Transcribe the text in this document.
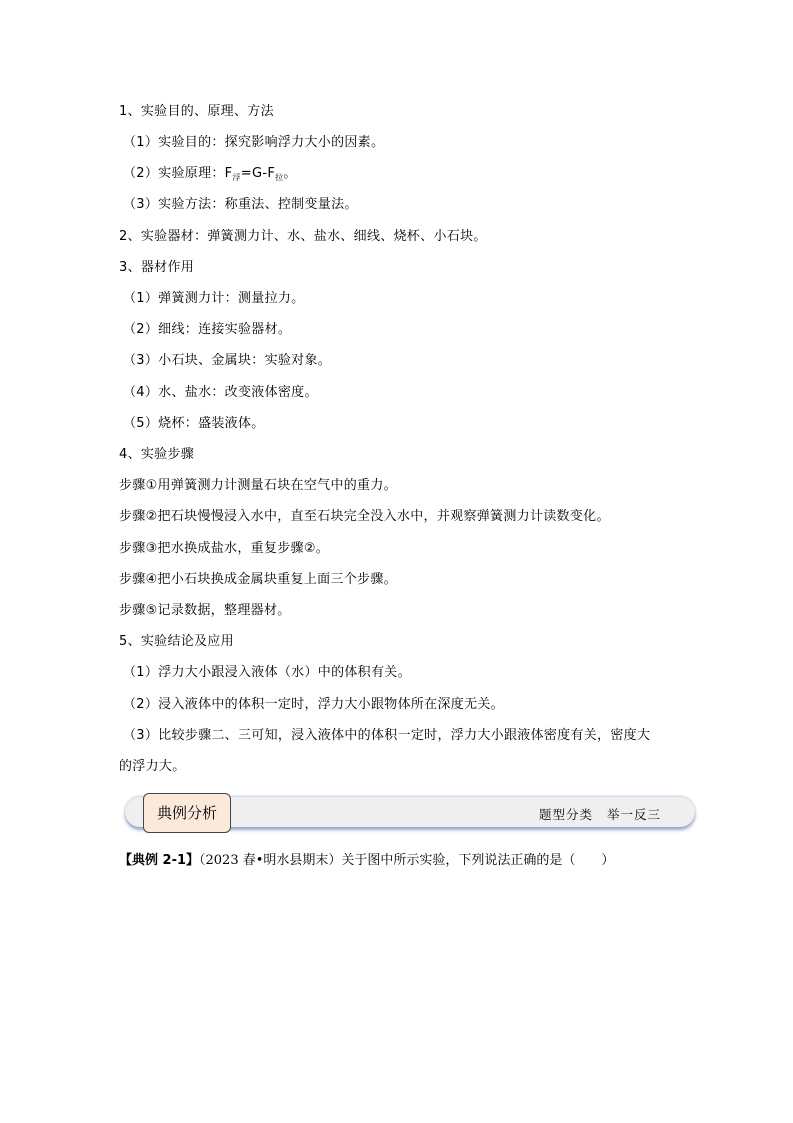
1、实验目的、原理、方法
（1）实验目的：探究影响浮力大小的因素。
（2）实验原理：$F_浮=G-F_拉$。
（3）实验方法：称重法、控制变量法。
2、实验器材：弹簧测力计、水、盐水、细线、烧杯、小石块。
3、器材作用
（1）弹簧测力计：测量拉力。
（2）细线：连接实验器材。
（3）小石块、金属块：实验对象。
（4）水、盐水：改变液体密度。
（5）烧杯：盛装液体。
4、实验步骤
步骤①用弹簧测力计测量石块在空气中的重力。
步骤②把石块慢慢浸入水中，直至石块完全没入水中，并观察弹簧测力计读数变化。
步骤③把水换成盐水，重复步骤②。
步骤④把小石块换成金属块重复上面三个步骤。
步骤⑤记录数据，整理器材。
5、实验结论及应用
（1）浮力大小跟浸入液体（水）中的体积有关。
（2）浸入液体中的体积一定时，浮力大小跟物体所在深度无关。
（3）比较步骤二、三可知，浸入液体中的体积一定时，浮力大小跟液体密度有关，密度大
的浮力大。
典例分析	题型分类 举一反三
【典例 2-1】（2023 春•明水县期末）关于图中所示实验，下列说法正确的是（　　）
